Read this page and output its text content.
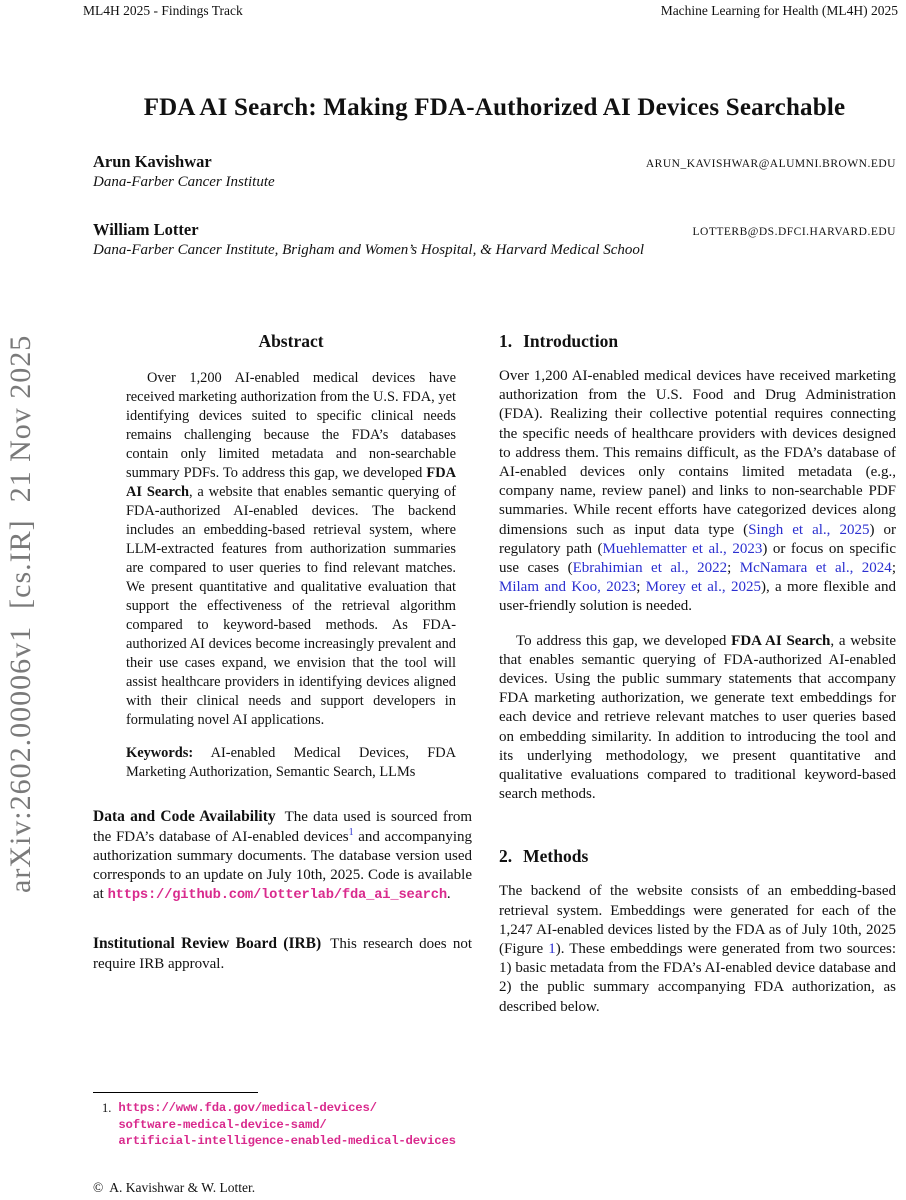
ML4H 2025 - Findings Track	Machine Learning for Health (ML4H) 2025
arXiv:2602.00006v1  [cs.IR]  21 Nov 2025
FDA AI Search: Making FDA-Authorized AI Devices Searchable
Arun Kavishwar	ARUN_KAVISHWAR@ALUMNI.BROWN.EDU
Dana-Farber Cancer Institute
William Lotter	LOTTERB@DS.DFCI.HARVARD.EDU
Dana-Farber Cancer Institute, Brigham and Women’s Hospital, & Harvard Medical School
Abstract

Over 1,200 AI-enabled medical devices have received marketing authorization from the U.S. FDA, yet identifying devices suited to specific clinical needs remains challenging because the FDA’s databases contain only limited metadata and non-searchable summary PDFs. To address this gap, we developed FDA AI Search, a website that enables semantic querying of FDA-authorized AI-enabled devices. The backend includes an embedding-based retrieval system, where LLM-extracted features from authorization summaries are compared to user queries to find relevant matches. We present quantitative and qualitative evaluation that support the effectiveness of the retrieval algorithm compared to keyword-based methods. As FDA-authorized AI devices become increasingly prevalent and their use cases expand, we envision that the tool will assist healthcare providers in identifying devices aligned with their clinical needs and support developers in formulating novel AI applications.

Keywords: AI-enabled Medical Devices, FDA Marketing Authorization, Semantic Search, LLMs

Data and Code Availability The data used is sourced from the FDA’s database of AI-enabled devices$^1$ and accompanying authorization summary documents. The database version used corresponds to an update on July 10th, 2025. Code is available at https://github.com/lotterlab/fda_ai_search.

Institutional Review Board (IRB) This research does not require IRB approval.

1. Introduction

Over 1,200 AI-enabled medical devices have received marketing authorization from the U.S. Food and Drug Administration (FDA). Realizing their collective potential requires connecting the specific needs of healthcare providers with devices designed to address them. This remains difficult, as the FDA’s database of AI-enabled devices only contains limited metadata (e.g., company name, review panel) and links to non-searchable PDF summaries. While recent efforts have categorized devices along dimensions such as input data type (Singh et al., 2025) or regulatory path (Muehlematter et al., 2023) or focus on specific use cases (Ebrahimian et al., 2022; McNamara et al., 2024; Milam and Koo, 2023; Morey et al., 2025), a more flexible and user-friendly solution is needed.

To address this gap, we developed FDA AI Search, a website that enables semantic querying of FDA-authorized AI-enabled devices. Using the public summary statements that accompany FDA marketing authorization, we generate text embeddings for each device and retrieve relevant matches to user queries based on embedding similarity. In addition to introducing the tool and its underlying methodology, we present quantitative and qualitative evaluations compared to traditional keyword-based search methods.

2. Methods

The backend of the website consists of an embedding-based retrieval system. Embeddings were generated for each of the 1,247 AI-enabled devices listed by the FDA as of July 10th, 2025 (Figure 1). These embeddings were generated from two sources: 1) basic metadata from the FDA’s AI-enabled device database and 2) the public summary accompanying FDA authorization, as described below.

1. https://www.fda.gov/medical-devices/
software-medical-device-samd/
artificial-intelligence-enabled-medical-devices
© A. Kavishwar & W. Lotter.
